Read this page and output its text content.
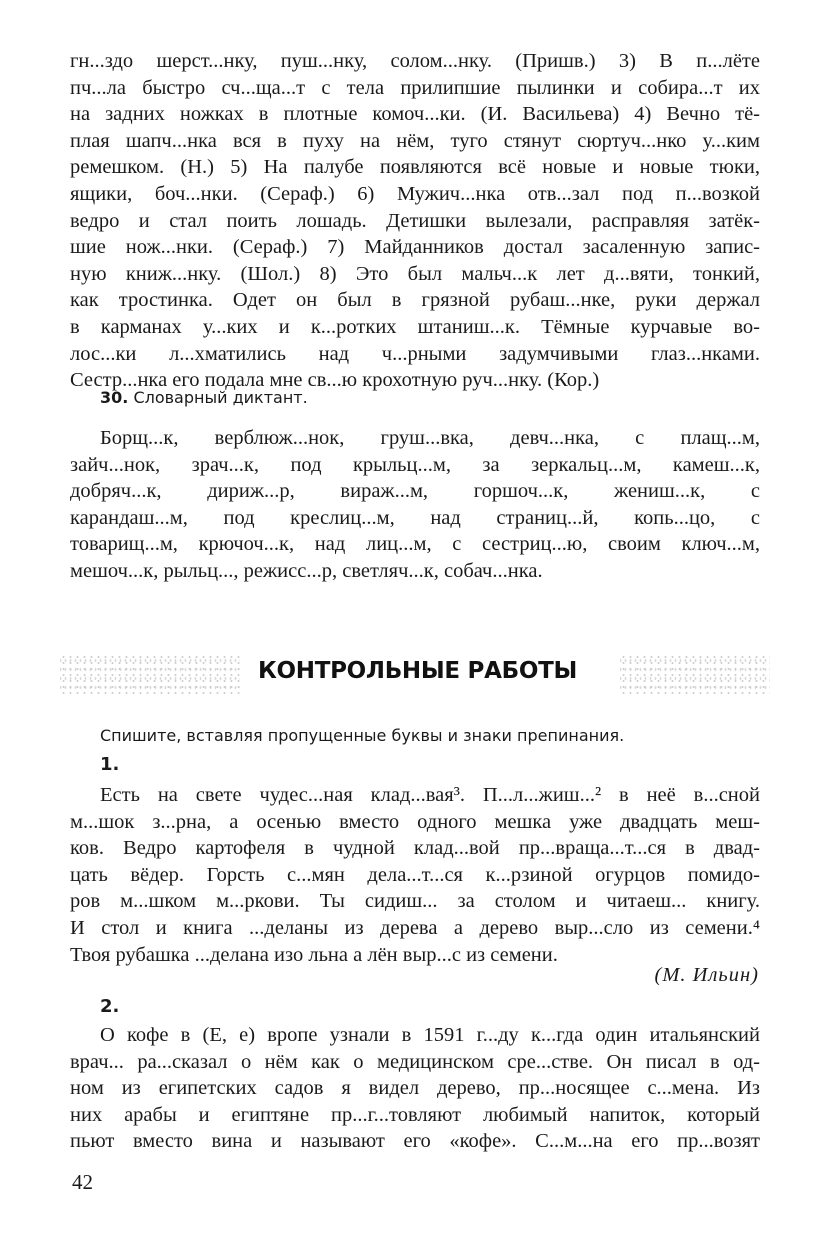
гн...здо шерст...нку, пуш...нку, солом...нку. (Пришв.) 3) В п...лёте
пч...ла быстро сч...ща...т с тела прилипшие пылинки и собира...т их
на задних ножках в плотные комоч...ки. (И. Васильева) 4) Вечно тё-
плая шапч...нка вся в пуху на нём, туго стянут сюртуч...нко у...ким
ремешком. (Н.) 5) На палубе появляются всё новые и новые тюки,
ящики, боч...нки. (Сераф.) 6) Мужич...нка отв...зал под п...возкой
ведро и стал поить лошадь. Детишки вылезали, расправляя затёк-
шие нож...нки. (Сераф.) 7) Майданников достал засаленную запис-
ную книж...нку. (Шол.) 8) Это был мальч...к лет д...вяти, тонкий,
как тростинка. Одет он был в грязной рубаш...нке, руки держал
в карманах у...ких и к...ротких штаниш...к. Тёмные курчавые во-
лос...ки л...хматились над ч...рными задумчивыми глаз...нками.
Сестр...нка его подала мне св...ю крохотную руч...нку. (Кор.)
30. Словарный диктант.
Борщ...к, верблюж...нок, груш...вка, девч...нка, с плащ...м,
зайч...нок, зрач...к, под крыльц...м, за зеркальц...м, камеш...к,
добряч...к, дириж...р, вираж...м, горшоч...к, жениш...к, с
карандаш...м, под креслиц...м, над страниц...й, копь...цо, с
товарищ...м, крючоч...к, над лиц...м, с сестриц...ю, своим ключ...м,
мешоч...к, рыльц..., режисс...р, светляч...к, собач...нка.
КОНТРОЛЬНЫЕ РАБОТЫ
Спишите, вставляя пропущенные буквы и знаки препинания.
1.
Есть на свете чудес...ная клад...вая³. П...л...жиш...² в неё в...сной
м...шок з...рна, а осенью вместо одного мешка уже двадцать меш-
ков. Ведро картофеля в чудной клад...вой пр...враща...т...ся в двад-
цать вёдер. Горсть с...мян дела...т...ся к...рзиной огурцов помидо-
ров м...шком м...ркови. Ты сидиш... за столом и читаеш... книгу.
И стол и книга ...деланы из дерева а дерево выр...сло из семени.⁴
Твоя рубашка ...делана изо льна а лён выр...с из семени.
(М. Ильин)
2.
О кофе в (Е, е) вропе узнали в 1591 г...ду к...гда один итальянский
врач... ра...сказал о нём как о медицинском сре...стве. Он писал в од-
ном из египетских садов я видел дерево, пр...носящее с...мена. Из
них арабы и египтяне пр...г...товляют любимый напиток, который
пьют вместо вина и называют его «кофе». С...м...на его пр...возят
42
